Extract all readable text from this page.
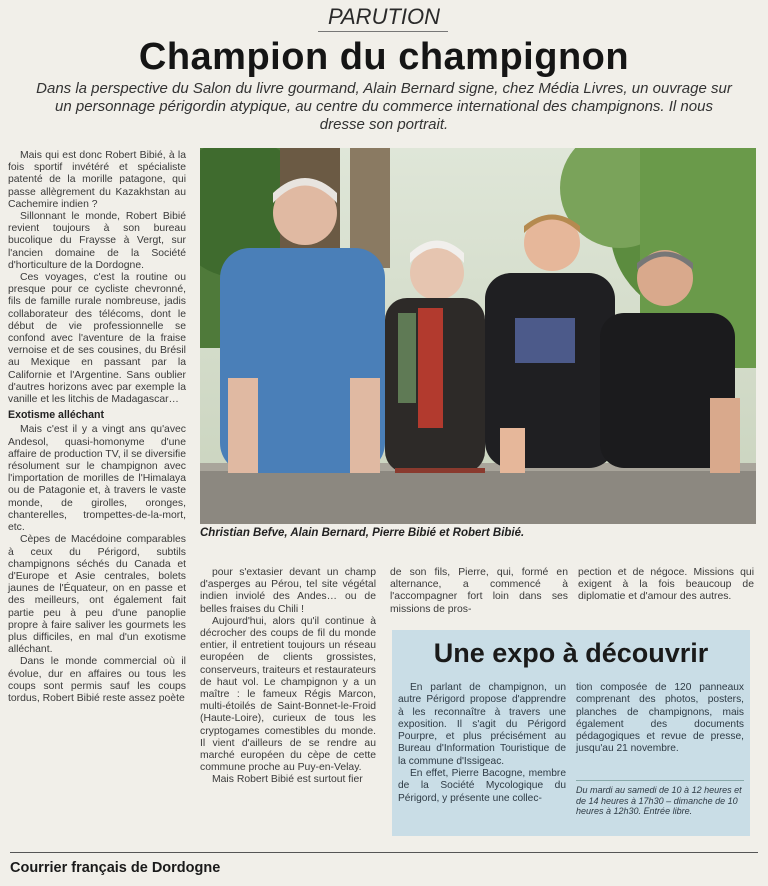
PARUTION
Champion du champignon
Dans la perspective du Salon du livre gourmand, Alain Bernard signe, chez Média Livres, un ouvrage sur un personnage périgordin atypique, au centre du commerce international des champignons. Il nous dresse son portrait.

Mais qui est donc Robert Bibié, à la fois sportif invétéré et spécialiste patenté de la morille patagone, qui passe allègrement du Kazakhstan au Cachemire indien ?

Sillonnant le monde, Robert Bibié revient toujours à son bureau bucolique du Fraysse à Vergt, sur l'ancien domaine de la Société d'horticulture de la Dordogne.

Ces voyages, c'est la routine ou presque pour ce cycliste chevronné, fils de famille rurale nombreuse, jadis collaborateur des télécoms, dont le début de vie professionnelle se confond avec l'aventure de la fraise vernoise et de ses cousines, du Brésil au Mexique en passant par la Californie et l'Argentine. Sans oublier d'autres horizons avec par exemple la vanille et les litchis de Madagascar…

Exotisme alléchant

Mais c'est il y a vingt ans qu'avec Andesol, quasi-homonyme d'une affaire de production TV, il se diversifie résolument sur le champignon avec l'importation de morilles de l'Himalaya ou de Patagonie et, à travers le vaste monde, de girolles, oronges, chanterelles, trompettes-de-la-mort, etc.

Cèpes de Macédoine comparables à ceux du Périgord, subtils champignons séchés du Canada et d'Europe et Asie centrales, bolets jaunes de l'Équateur, on en passe et des meilleurs, ont également fait partie peu à peu d'une panoplie propre à faire saliver les gourmets les plus difficiles, en mal d'un exotisme alléchant.

Dans le monde commercial où il évolue, dur en affaires ou tous les coups sont permis sauf les coups tordus, Robert Bibié reste assez poète

Christian Befve, Alain Bernard, Pierre Bibié et Robert Bibié.

pour s'extasier devant un champ d'asperges au Pérou, tel site végétal indien inviolé des Andes… ou de belles fraises du Chili !

Aujourd'hui, alors qu'il continue à décrocher des coups de fil du monde entier, il entretient toujours un réseau européen de clients grossistes, conserveurs, traiteurs et restaurateurs de haut vol. Le champignon y a un maître : le fameux Régis Marcon, multi-étoilés de Saint-Bonnet-le-Froid (Haute-Loire), curieux de tous les cryptogames comestibles du monde. Il vient d'ailleurs de se rendre au marché européen du cèpe de cette commune proche au Puy-en-Velay.

Mais Robert Bibié est surtout fier

de son fils, Pierre, qui, formé en alternance, a commencé à l'accompagner fort loin dans ses missions de pros-

pection et de négoce. Missions qui exigent à la fois beaucoup de diplomatie et d'amour des autres.

Une expo à découvrir

En parlant de champignon, un autre Périgord propose d'apprendre à les reconnaître à travers une exposition. Il s'agit du Périgord Pourpre, et plus précisément au Bureau d'Information Touristique de la commune d'Issigeac.

En effet, Pierre Bacogne, membre de la Société Mycologique du Périgord, y présente une collec-

tion composée de 120 panneaux comprenant des photos, posters, planches de champignons, mais également des documents pédagogiques et revue de presse, jusqu'au 21 novembre.

Du mardi au samedi de 10 à 12 heures et de 14 heures à 17h30 – dimanche de 10 heures à 12h30. Entrée libre.
Courrier français de Dordogne
